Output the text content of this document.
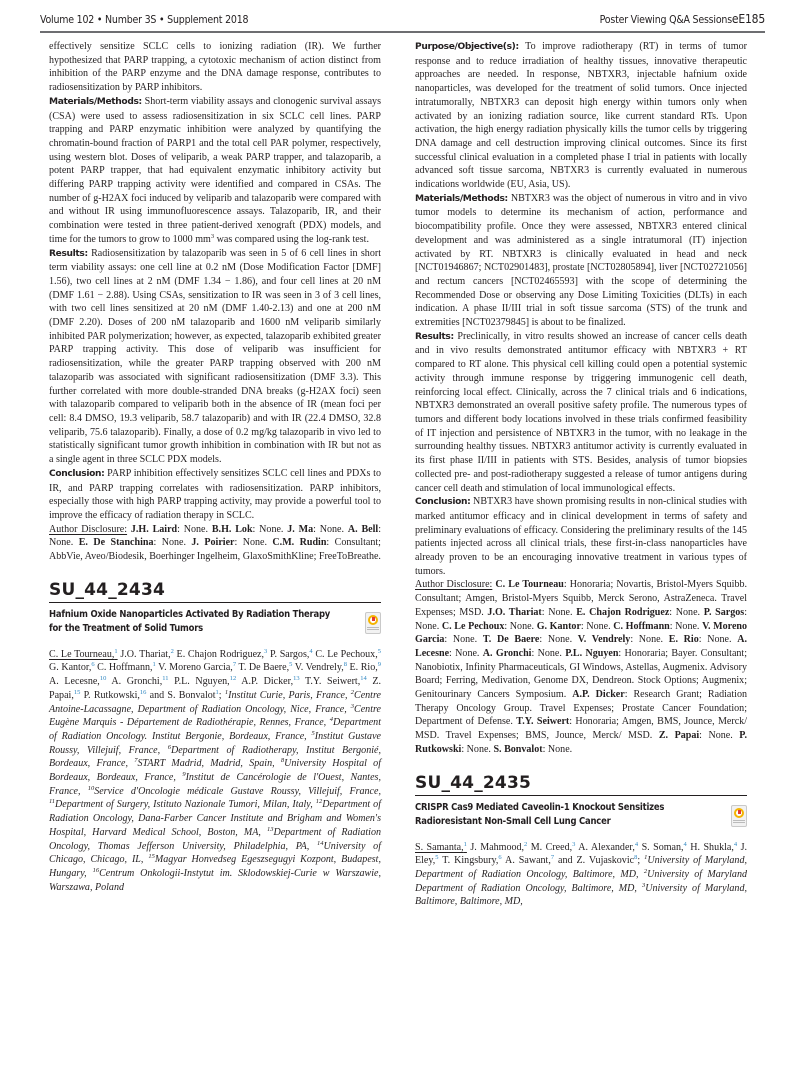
Volume 102 • Number 3S • Supplement 2018	Poster Viewing Q&A SessionseE185

effectively sensitize SCLC cells to ionizing radiation (IR). We further hypothesized that PARP trapping, a cytotoxic mechanism of action distinct from inhibition of the PARP enzyme and the DNA damage response, contributes to radiosensitization by PARP inhibitors.

Materials/Methods: Short-term viability assays and clonogenic survival assays (CSA) were used to assess radiosensitization in six SCLC cell lines. PARP trapping and PARP enzymatic inhibition were analyzed by quantifying the chromatin-bound fraction of PARP1 and the total cell PAR polymer, respectively, using western blot. Doses of veliparib, a weak PARP trapper, and talazoparib, a potent PARP trapper, that had equivalent enzymatic inhibitory activity but differing PARP trapping activity were identified and compared in CSAs. The number of g-H2AX foci induced by veliparib and talazoparib were compared with and without IR using immunofluorescence assays. Talazoparib, IR, and their combination were tested in three patient-derived xenograft (PDX) models, and time for the tumors to grow to 1000 $mm^3$ was compared using the log-rank test.

Results: Radiosensitization by talazoparib was seen in 5 of 6 cell lines in short term viability assays: one cell line at 0.2 nM (Dose Modification Factor [DMF] 1.56), two cell lines at 2 nM (DMF 1.34 − 1.86), and four cell lines at 20 nM (DMF 1.61 − 2.88). Using CSAs, sensitization to IR was seen in 3 of 3 cell lines, with two cell lines sensitized at 20 nM (DMF 1.40-2.13) and one at 200 nM (DMF 2.20). Doses of 200 nM talazoparib and 1600 nM veliparib similarly inhibited PAR polymerization; however, as expected, talazoparib exhibited greater PARP trapping activity. This dose of veliparib was insufficient for radiosensitization, while the greater PARP trapping observed with 200 nM talazoparib was associated with significant radiosensitization (DMF 3.3). This further correlated with more double-stranded DNA breaks (g-H2AX foci) seen with talazoparib compared to veliparib both in the absence of IR (mean foci per cell: 8.4 DMSO, 19.3 veliparib, 58.7 talazoparib) and with IR (22.4 DMSO, 32.8 veliparib, 75.6 talazoparib). Finally, a dose of 0.2 mg/kg talazoparib in vivo led to statistically significant tumor growth inhibition in combination with IR but not as a single agent in three SCLC PDX models.

Conclusion: PARP inhibition effectively sensitizes SCLC cell lines and PDXs to IR, and PARP trapping correlates with radiosensitization. PARP inhibitors, especially those with high PARP trapping activity, may provide a powerful tool to improve the efficacy of radiation therapy in SCLC.

Author Disclosure: J.H. Laird: None. B.H. Lok: None. J. Ma: None. A. Bell: None. E. De Stanchina: None. J. Poirier: None. C.M. Rudin: Consultant; AbbVie, Aveo/Biodesik, Boerhinger Ingelheim, GlaxoSmithKline; FreeToBreathe.

SU_44_2434
Hafnium Oxide Nanoparticles Activated By Radiation Therapy for the Treatment of Solid Tumors

C. Le Tourneau,$^1$ J.O. Thariat,$^2$ E. Chajon Rodriguez,$^3$ P. Sargos,$^4$ C. Le Pechoux,$^5$ G. Kantor,$^6$ C. Hoffmann,$^1$ V. Moreno Garcia,$^7$ T. De Baere,$^5$ V. Vendrely,$^8$ E. Rio,$^9$ A. Lecesne,$^{10}$ A. Gronchi,$^{11}$ P.L. Nguyen,$^{12}$ A.P. Dicker,$^{13}$ T.Y. Seiwert,$^{14}$ Z. Papai,$^{15}$ P. Rutkowski,$^{16}$ and S. Bonvalot$^1$; $^1$Institut Curie, Paris, France, $^2$Centre Antoine-Lacassagne, Department of Radiation Oncology, Nice, France, $^3$Centre Eugène Marquis - Département de Radiothérapie, Rennes, France, $^4$Department of Radiation Oncology. Institut Bergonie, Bordeaux, France, $^5$Institut Gustave Roussy, Villejuif, France, $^6$Department of Radiotherapy, Institut Bergonié, Bordeaux, France, $^7$START Madrid, Madrid, Spain, $^8$University Hospital of Bordeaux, Bordeaux, France, $^9$Institut de Cancérologie de l'Ouest, Nantes, France, $^{10}$Service d'Oncologie médicale Gustave Roussy, Villejuif, France, $^{11}$Department of Surgery, Istituto Nazionale Tumori, Milan, Italy, $^{12}$Department of Radiation Oncology, Dana-Farber Cancer Institute and Brigham and Women's Hospital, Harvard Medical School, Boston, MA, $^{13}$Department of Radiation Oncology, Thomas Jefferson University, Philadelphia, PA, $^{14}$University of Chicago, Chicago, IL, $^{15}$Magyar Honvedseg Egeszsegugyi Kozpont, Budapest, Hungary, $^{16}$Centrum Onkologii-Instytut im. Sklodowskiej-Curie w Warszawie, Warszawa, Poland

Purpose/Objective(s): To improve radiotherapy (RT) in terms of tumor response and to reduce irradiation of healthy tissues, innovative therapeutic approaches are needed. In response, NBTXR3, injectable hafnium oxide nanoparticles, was developed for the treatment of solid tumors. Once injected intratumorally, NBTXR3 can deposit high energy within tumors only when activated by an ionizing radiation source, like current standard RTs. Upon activation, the high energy radiation physically kills the tumor cells by triggering DNA damage and cell destruction improving clinical outcomes. Since its first successful clinical evaluation in a completed phase I trial in patients with locally advanced soft tissue sarcoma, NBTXR3 is currently evaluated in numerous indications worldwide (EU, Asia, US).

Materials/Methods: NBTXR3 was the object of numerous in vitro and in vivo tumor models to determine its mechanism of action, performance and biocompatibility profile. Once they were assessed, NBTXR3 entered clinical development and was administered as a single intratumoral (IT) injection activated by RT. NBTXR3 is clinically evaluated in head and neck [NCT01946867; NCT02901483], prostate [NCT02805894], liver [NCT02721056] and rectum cancers [NCT02465593] with the scope of determining the Recommended Dose or observing any Dose Limiting Toxicities (DLTs) in each indication. A phase II/III trial in soft tissue sarcoma (STS) of the trunk and extremities [NCT02379845] is about to be finalized.

Results: Preclinically, in vitro results showed an increase of cancer cells death and in vivo results demonstrated antitumor efficacy with NBTXR3 + RT compared to RT alone. This physical cell killing could open a potential systemic activity through immune response by triggering immunogenic cell death, reinforcing local effect. Clinically, across the 7 clinical trials and 6 indications, NBTXR3 demonstrated an overall positive safety profile. The numerous types of tumors and different body locations involved in these trials confirmed feasibility of IT injection and persistence of NBTXR3 in the tumor, with no leakage in the surrounding healthy tissues. NBTXR3 antitumor activity is currently evaluated in its first phase II/III in patients with STS. Besides, analysis of tumor biopsies collected pre- and post-radiotherapy suggested a release of tumor antigens during cancer cell death and stimulation of local immunological effects.

Conclusion: NBTXR3 have shown promising results in non-clinical studies with marked antitumor efficacy and in clinical development in terms of safety and preliminary evaluations of efficacy. Considering the preliminary results of the 145 patients injected across all clinical trials, these first-in-class nanoparticles have already proven to be an encouraging innovative treatment in various types of tumors.

Author Disclosure: C. Le Tourneau: Honoraria; Novartis, Bristol-Myers Squibb. Consultant; Amgen, Bristol-Myers Squibb, Merck Serono, AstraZeneca. Travel Expenses; MSD. J.O. Thariat: None. E. Chajon Rodriguez: None. P. Sargos: None. C. Le Pechoux: None. G. Kantor: None. C. Hoffmann: None. V. Moreno Garcia: None. T. De Baere: None. V. Vendrely: None. E. Rio: None. A. Lecesne: None. A. Gronchi: None. P.L. Nguyen: Honoraria; Bayer. Consultant; Nanobiotix, Infinity Pharmaceuticals, GI Windows, Astellas, Augmenix. Advisory Board; Ferring, Medivation, Genome DX, Dendreon. Stock Options; Augmenix; Genitourinary Cancers Symposium. A.P. Dicker: Research Grant; Radiation Therapy Oncology Group. Travel Expenses; Prostate Cancer Foundation; Department of Defense. T.Y. Seiwert: Honoraria; Amgen, BMS, Jounce, Merck/ MSD. Travel Expenses; BMS, Jounce, Merck/ MSD. Z. Papai: None. P. Rutkowski: None. S. Bonvalot: None.

SU_44_2435
CRISPR Cas9 Mediated Caveolin-1 Knockout Sensitizes Radioresistant Non-Small Cell Lung Cancer

S. Samanta,$^1$ J. Mahmood,$^2$ M. Creed,$^3$ A. Alexander,$^4$ S. Soman,$^4$ H. Shukla,$^4$ J. Eley,$^5$ T. Kingsbury,$^6$ A. Sawant,$^7$ and Z. Vujaskovic$^8$; $^1$University of Maryland, Department of Radiation Oncology, Baltimore, MD, $^2$University of Maryland Department of Radiation Oncology, Baltimore, MD, $^3$University of Maryland, Baltimore, Baltimore, MD,
